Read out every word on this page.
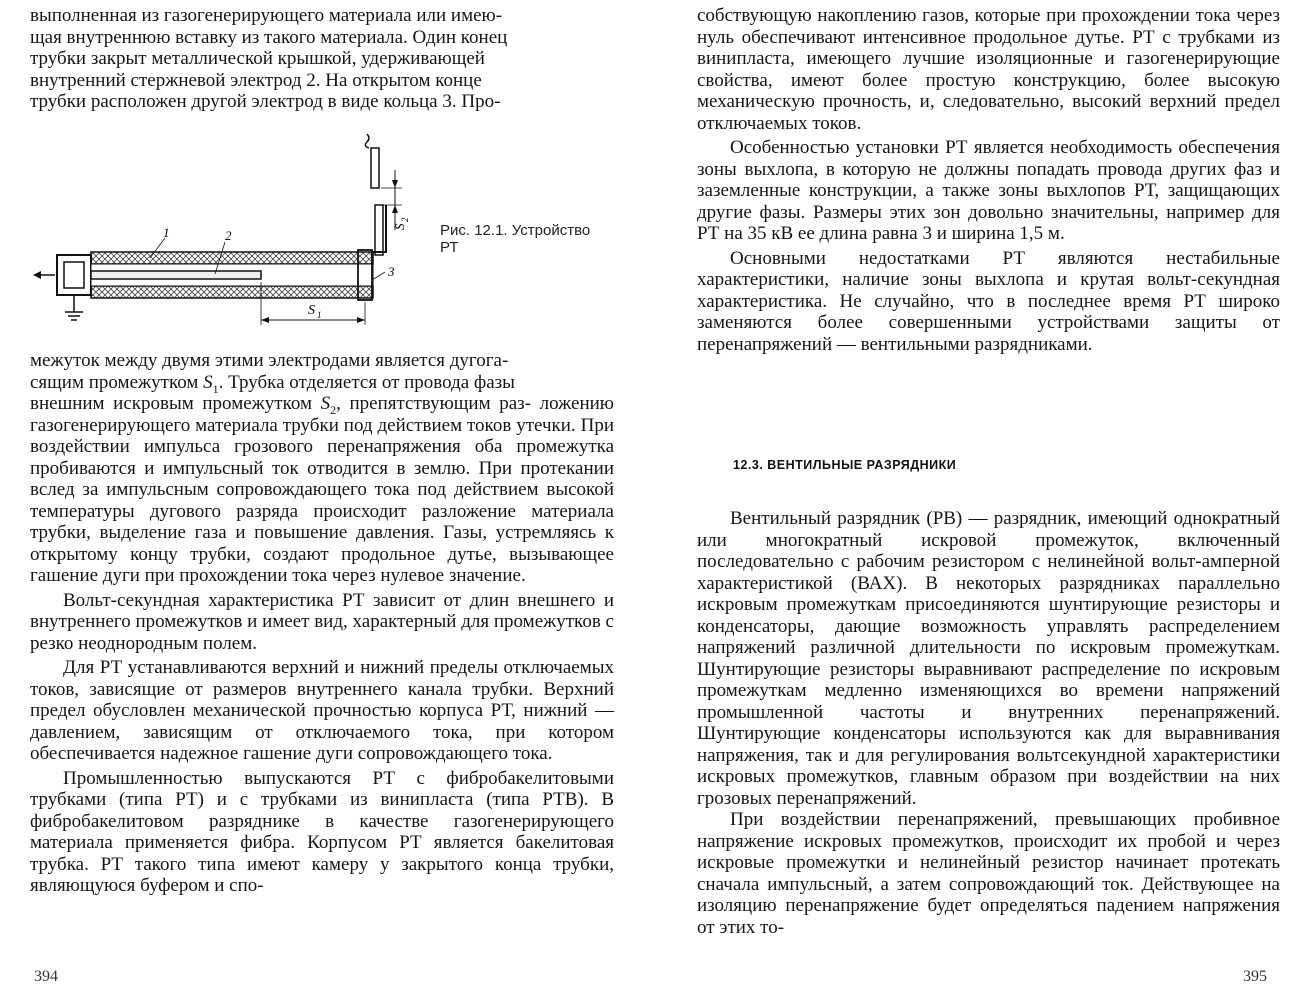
выполненная из газогенерирующего материала или имею-

щая внутреннюю вставку из такого материала. Один конец

трубки закрыт металлической крышкой, удерживающей

внутренний стержневой электрод 2. На открытом конце

трубки расположен другой электрод в виде кольца 3. Про-

1	2
3
S 1
S
2
Рис. 12.1. Устройство
РТ

межуток между двумя этими электродами является дугога-
сящим промежутком $S_1$. Трубка отделяется от провода фазы
внешним искровым промежутком $S_2$, препятствующим раз- ложению газогенерирующего материала трубки под действием токов утечки. При воздействии импульса грозового перенапряжения оба промежутка пробиваются и импульсный ток отводится в землю. При протекании вслед за импульсным сопровождающего тока под действием высокой температуры дугового разряда происходит разложение материала трубки, выделение газа и повышение давления. Газы, устремляясь к открытому концу трубки, создают продольное дутье, вызывающее гашение дуги при прохождении тока через нулевое значение.

Вольт-секундная характеристика РТ зависит от длин внешнего и внутреннего промежутков и имеет вид, характерный для промежутков с резко неоднородным полем.

Для РТ устанавливаются верхний и нижний пределы отключаемых токов, зависящие от размеров внутреннего канала трубки. Верхний предел обусловлен механической прочностью корпуса РТ, нижний — давлением, зависящим от отключаемого тока, при котором обеспечивается надежное гашение дуги сопровождающего тока.

Промышленностью выпускаются РТ с фибробакелитовыми трубками (типа РТ) и с трубками из винипласта (типа РТВ). В фибробакелитовом разряднике в качестве газогенерирующего материала применяется фибра. Корпусом РТ является бакелитовая трубка. РТ такого типа имеют камеру у закрытого конца трубки, являющуюся буфером и спо-

394

собствующую накоплению газов, которые при прохождении тока через нуль обеспечивают интенсивное продольное дутье. РТ с трубками из винипласта, имеющего лучшие изоляционные и газогенерирующие свойства, имеют более простую конструкцию, более высокую механическую прочность, и, следовательно, высокий верхний предел отключаемых токов.

Особенностью установки РТ является необходимость обеспечения зоны выхлопа, в которую не должны попадать провода других фаз и заземленные конструкции, а также зоны выхлопов РТ, защищающих другие фазы. Размеры этих зон довольно значительны, например для РТ на 35 кВ ее длина равна 3 и ширина 1,5 м.

Основными недостатками РТ являются нестабильные характеристики, наличие зоны выхлопа и крутая вольт-секундная характеристика. Не случайно, что в последнее время РТ широко заменяются более совершенными устройствами защиты от перенапряжений — вентильными разрядниками.

12.3. ВЕНТИЛЬНЫЕ РАЗРЯДНИКИ

Вентильный разрядник (РВ) — разрядник, имеющий однократный или многократный искровой промежуток, включенный последовательно с рабочим резистором с нелинейной вольт-амперной характеристикой (ВАХ). В некоторых разрядниках параллельно искровым промежуткам присоединяются шунтирующие резисторы и конденсаторы, дающие возможность управлять распределением напряжений различной длительности по искровым промежуткам. Шунтирующие резисторы выравнивают распределение по искровым промежуткам медленно изменяющихся во времени напряжений промышленной частоты и внутренних перенапряжений. Шунтирующие конденсаторы используются как для выравнивания напряжения, так и для регулирования вольтсекундной характеристики искровых промежутков, главным образом при воздействии на них грозовых перенапряжений.

При воздействии перенапряжений, превышающих пробивное напряжение искровых промежутков, происходит их пробой и через искровые промежутки и нелинейный резистор начинает протекать сначала импульсный, а затем сопровождающий ток. Действующее на изоляцию перенапряжение будет определяться падением напряжения от этих то-

395
